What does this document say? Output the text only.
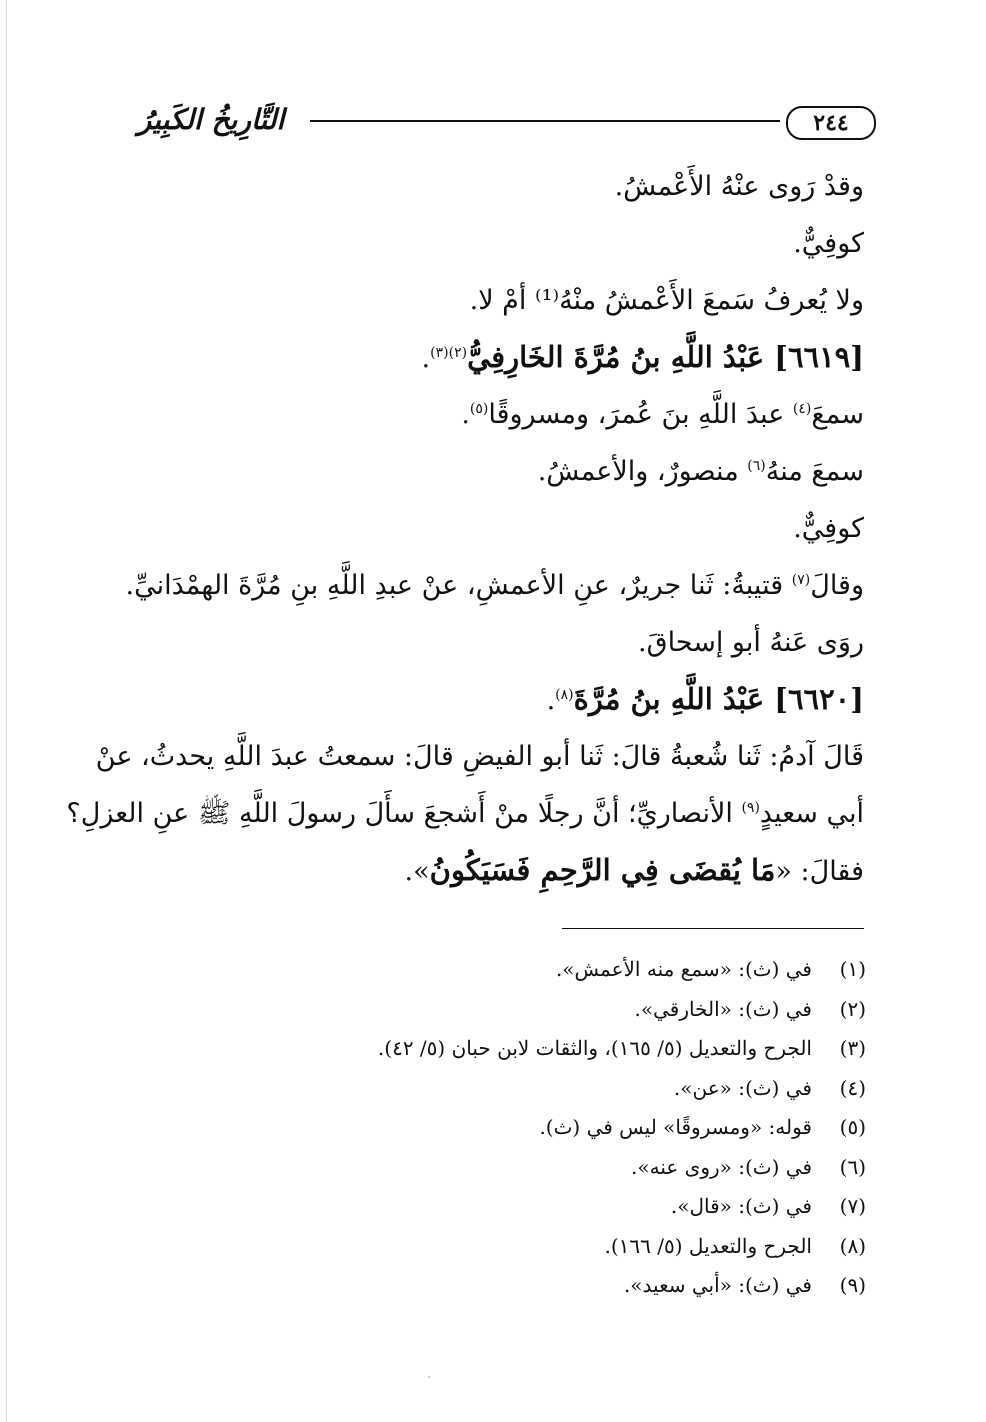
٢٤٤
التَّارِيخُ الكَبِيرُ
وقدْ رَوى عنْهُ الأَعْمشُ.
كوفِيٌّ.
ولا يُعرفُ سَمعَ الأَعْمشُ منْهُ⁽¹⁾ أمْ لا.
[٦٦١٩] عَبْدُ اللَّهِ بنُ مُرَّةَ الخَارِفِيُّ$^{(٢)(٣)}$.
سمعَ$^{(٤)}$ عبدَ اللَّهِ بنَ عُمرَ، ومسروقًا$^{(٥)}$.
سمعَ منهُ$^{(٦)}$ منصورٌ، والأعمشُ.
كوفِيٌّ.
وقالَ$^{(٧)}$ قتيبةُ: ثَنا جريرٌ، عنِ الأعمشِ، عنْ عبدِ اللَّهِ بنِ مُرَّةَ الهمْدَانيِّ.
روَى عَنهُ أبو إسحاقَ.
[٦٦٢٠] عَبْدُ اللَّهِ بنُ مُرَّةَ$^{(٨)}$.
قَالَ آدمُ: ثَنا شُعبةُ قالَ: ثَنا أبو الفيضِ قالَ: سمعتُ عبدَ اللَّهِ يحدثُ، عنْ
أبي سعيدٍ$^{(٩)}$ الأنصاريِّ؛ أنَّ رجلًا منْ أَشجعَ سأَلَ رسولَ اللَّهِ ﷺ عنِ العزلِ؟
فقالَ: «مَا يُقضَى فِي الرَّحِمِ فَسَيَكُونُ».
(١)
في (ث): «سمع منه الأعمش».
(٢)
في (ث): «الخارقي».
(٣)
الجرح والتعديل (٥/ ١٦٥)، والثقات لابن حبان (٥/ ٤٢).
(٤)
في (ث): «عن».
(٥)
قوله: «ومسروقًا» ليس في (ث).
(٦)
في (ث): «روى عنه».
(٧)
في (ث): «قال».
(٨)
الجرح والتعديل (٥/ ١٦٦).
(٩)
في (ث): «أبي سعيد».
